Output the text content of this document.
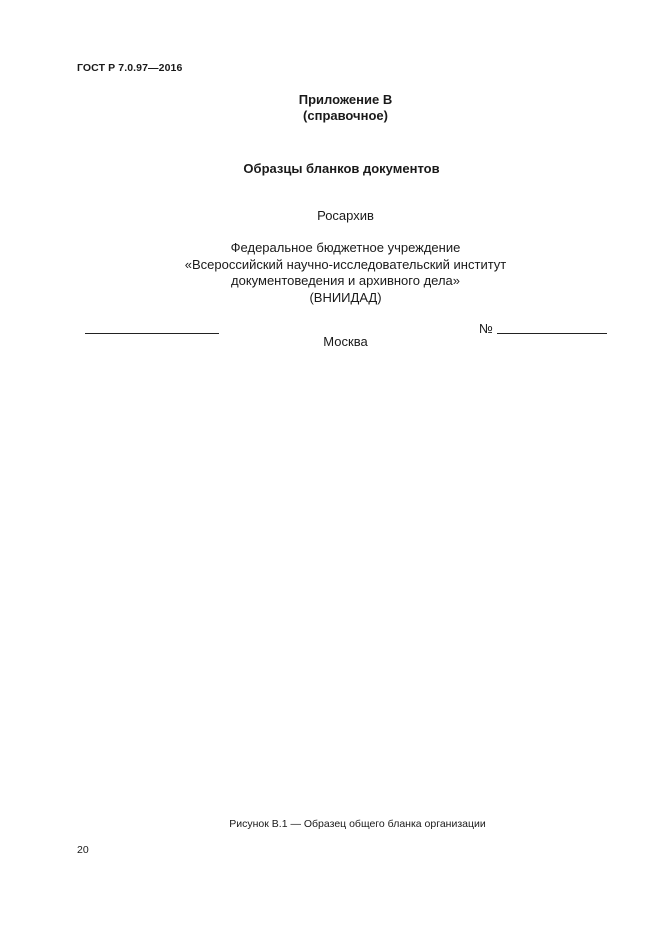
ГОСТ Р 7.0.97—2016
Приложение В
(справочное)
Образцы бланков документов
Росархив
Федеральное бюджетное учреждение
«Всероссийский научно-исследовательский институт
документоведения и архивного дела»
(ВНИИДАД)
№
Москва
Рисунок В.1 — Образец общего бланка организации
20
